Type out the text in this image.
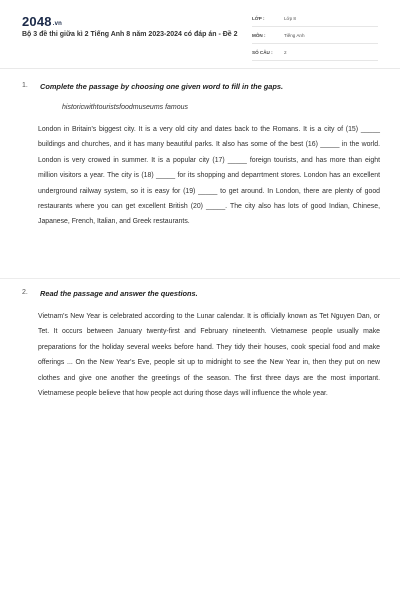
2048.vn
Bộ 3 đề thi giữa kì 2 Tiếng Anh 8 năm 2023-2024 có đáp án - Đề 2
LỚP :	Lớp 8
MÔN :	Tiếng Anh
SỐ CÂU : 2
1. Complete the passage by choosing one given word to fill in the gaps.
historicwithtouristsfoodmuseums famous
London in Britain's biggest city. It is a very old city and dates back to the Romans. It is a city of (15) _____ buildings and churches, and it has many beautiful parks. It also has some of the best (16) _____ in the world. London is very crowed in summer. It is a popular city (17) _____ foreign tourists, and has more than eight million visitors a year. The city is (18) _____ for its shopping and deparrtment stores. London has an excellent underground railway system, so it is easy for (19) _____ to get around. In London, there are plenty of good restaurants where you can get excellent British (20) _____. The city also has lots of good Indian, Chinese, Japanese, French, Italian, and Greek restaurants.
2. Read the passage and answer the questions.
Vietnam's New Year is celebrated according to the Lunar calendar. It is officially known as Tet Nguyen Dan, or Tet. It occurs between January twenty-first and February nineteenth. Vietnamese people usually make preparations for the holiday several weeks before hand. They tidy their houses, cook special food and make offerings ... On the New Year's Eve, people sit up to midnight to see the New Year in, then they put on new clothes and give one another the greetings of the season. The first three days are the most important. Vietnamese people believe that how people act during those days will influence the whole year.
